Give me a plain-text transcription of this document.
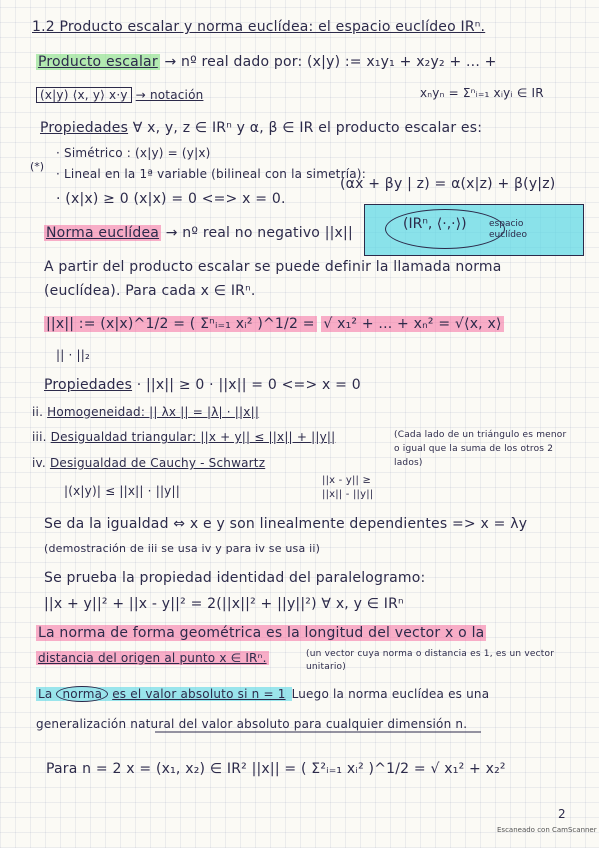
1.2 Producto escalar y norma euclídea: el espacio euclídeo IRⁿ.
Producto escalar → nº real dado por: (x|y) := x₁y₁ + x₂y₂ + ... +
xₙyₙ = Σⁿᵢ₌₁ xᵢyᵢ ∈ IR
(x|y) ⟨x, y⟩ x·y → notación
Propiedades ∀ x, y, z ∈ IRⁿ y α, β ∈ IR el producto escalar es:
(*)
· Simétrico : (x|y) = (y|x)
· Lineal en la 1ª variable (bilineal con la simetría):
(αx + βy | z) = α(x|z) + β(y|z)
· (x|x) ≥ 0 (x|x) = 0 <=> x = 0.
Norma euclídea → nº real no negativo ||x||
(IRⁿ, ⟨·,·⟩) espacio euclídeo
A partir del producto escalar se puede definir la llamada norma
(euclídea). Para cada x ∈ IRⁿ.
||x|| := (x|x)^1/2 = ( Σⁿᵢ₌₁ xᵢ² )^1/2 = √ x₁² + ... + xₙ² = √⟨x, x⟩
|| · ||₂
Propiedades · ||x|| ≥ 0 · ||x|| = 0 <=> x = 0
ii. Homogeneidad: || λx || = |λ| · ||x||
iii. Desigualdad triangular: ||x + y|| ≤ ||x|| + ||y||	(Cada lado de un triángulo es menor o igual que la suma de los otros 2 lados)
iv. Desigualdad de Cauchy - Schwartz
|(x|y)| ≤ ||x|| · ||y||
||x - y|| ≥ ||x|| - ||y||
Se da la igualdad ⇔ x e y son linealmente dependientes => x = λy
(demostración de iii se usa iv y para iv se usa ii)
Se prueba la propiedad identidad del paralelogramo:
||x + y||² + ||x - y||² = 2(||x||² + ||y||²) ∀ x, y ∈ IRⁿ
La norma de forma geométrica es la longitud del vector x o la
distancia del origen al punto x ∈ IRⁿ.	(un vector cuya norma o distancia es 1, es un vector unitario)
La norma es el valor absoluto si n = 1 Luego la norma euclídea es una
generalización natural del valor absoluto para cualquier dimensión n.
Para n = 2 x = (x₁, x₂) ∈ IR² ||x|| = ( Σ²ᵢ₌₁ xᵢ² )^1/2 = √ x₁² + x₂²
2
Escaneado con CamScanner
